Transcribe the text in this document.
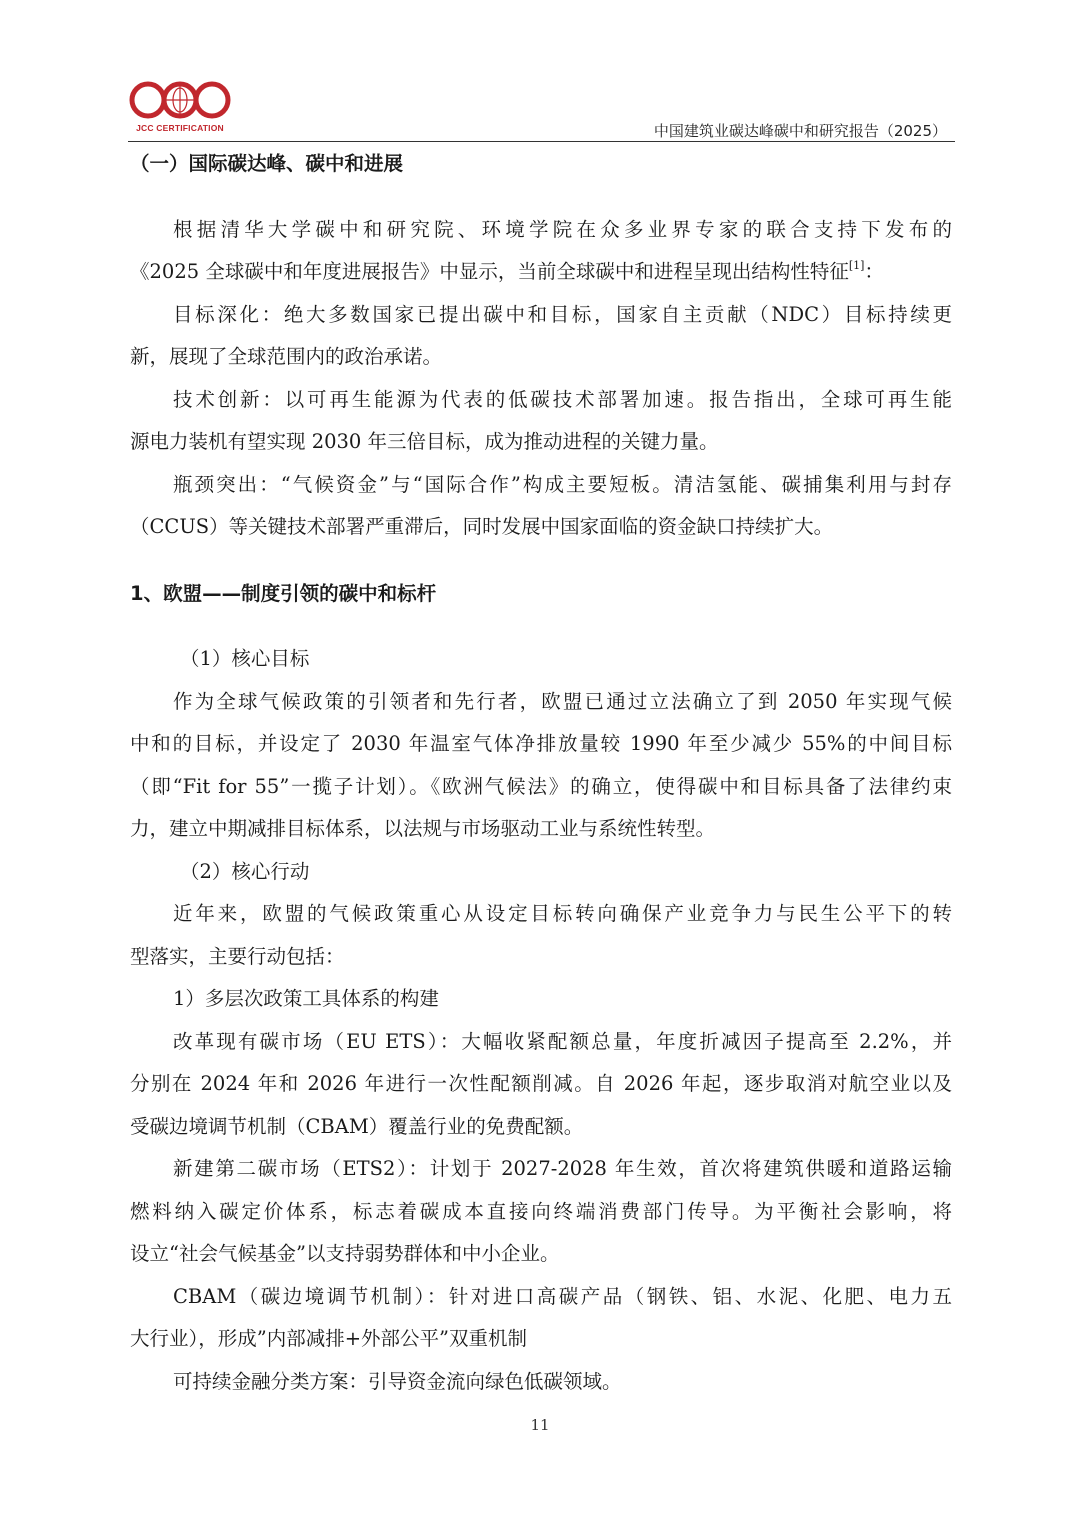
JCC CERTIFICATION	中国建筑业碳达峰碳中和研究报告（2025）
（一）国际碳达峰、碳中和进展
根据清华大学碳中和研究院、环境学院在众多业界专家的联合支持下发布的
《2025 全球碳中和年度进展报告》中显示，当前全球碳中和进程呈现出结构性特征[1]：
目标深化：绝大多数国家已提出碳中和目标，国家自主贡献（NDC）目标持续更
新，展现了全球范围内的政治承诺。
技术创新：以可再生能源为代表的低碳技术部署加速。报告指出，全球可再生能
源电力装机有望实现 2030 年三倍目标，成为推动进程的关键力量。
瓶颈突出：“气候资金”与“国际合作”构成主要短板。清洁氢能、碳捕集利用与封存
（CCUS）等关键技术部署严重滞后，同时发展中国家面临的资金缺口持续扩大。
1、欧盟——制度引领的碳中和标杆
（1）核心目标
作为全球气候政策的引领者和先行者，欧盟已通过立法确立了到 2050 年实现气候
中和的目标，并设定了 2030 年温室气体净排放量较 1990 年至少减少 55%的中间目标
（即“Fit for 55”一揽子计划）。《欧洲气候法》的确立，使得碳中和目标具备了法律约束
力，建立中期减排目标体系，以法规与市场驱动工业与系统性转型。
（2）核心行动
近年来，欧盟的气候政策重心从设定目标转向确保产业竞争力与民生公平下的转
型落实，主要行动包括：
1）多层次政策工具体系的构建
改革现有碳市场（EU ETS）：大幅收紧配额总量，年度折减因子提高至 2.2%，并
分别在 2024 年和 2026 年进行一次性配额削减。自 2026 年起，逐步取消对航空业以及
受碳边境调节机制（CBAM）覆盖行业的免费配额。
新建第二碳市场（ETS2）：计划于 2027-2028 年生效，首次将建筑供暖和道路运输
燃料纳入碳定价体系，标志着碳成本直接向终端消费部门传导。为平衡社会影响，将
设立“社会气候基金”以支持弱势群体和中小企业。
CBAM（碳边境调节机制）：针对进口高碳产品（钢铁、铝、水泥、化肥、电力五
大行业），形成”内部减排+外部公平”双重机制
可持续金融分类方案：引导资金流向绿色低碳领域。
11
